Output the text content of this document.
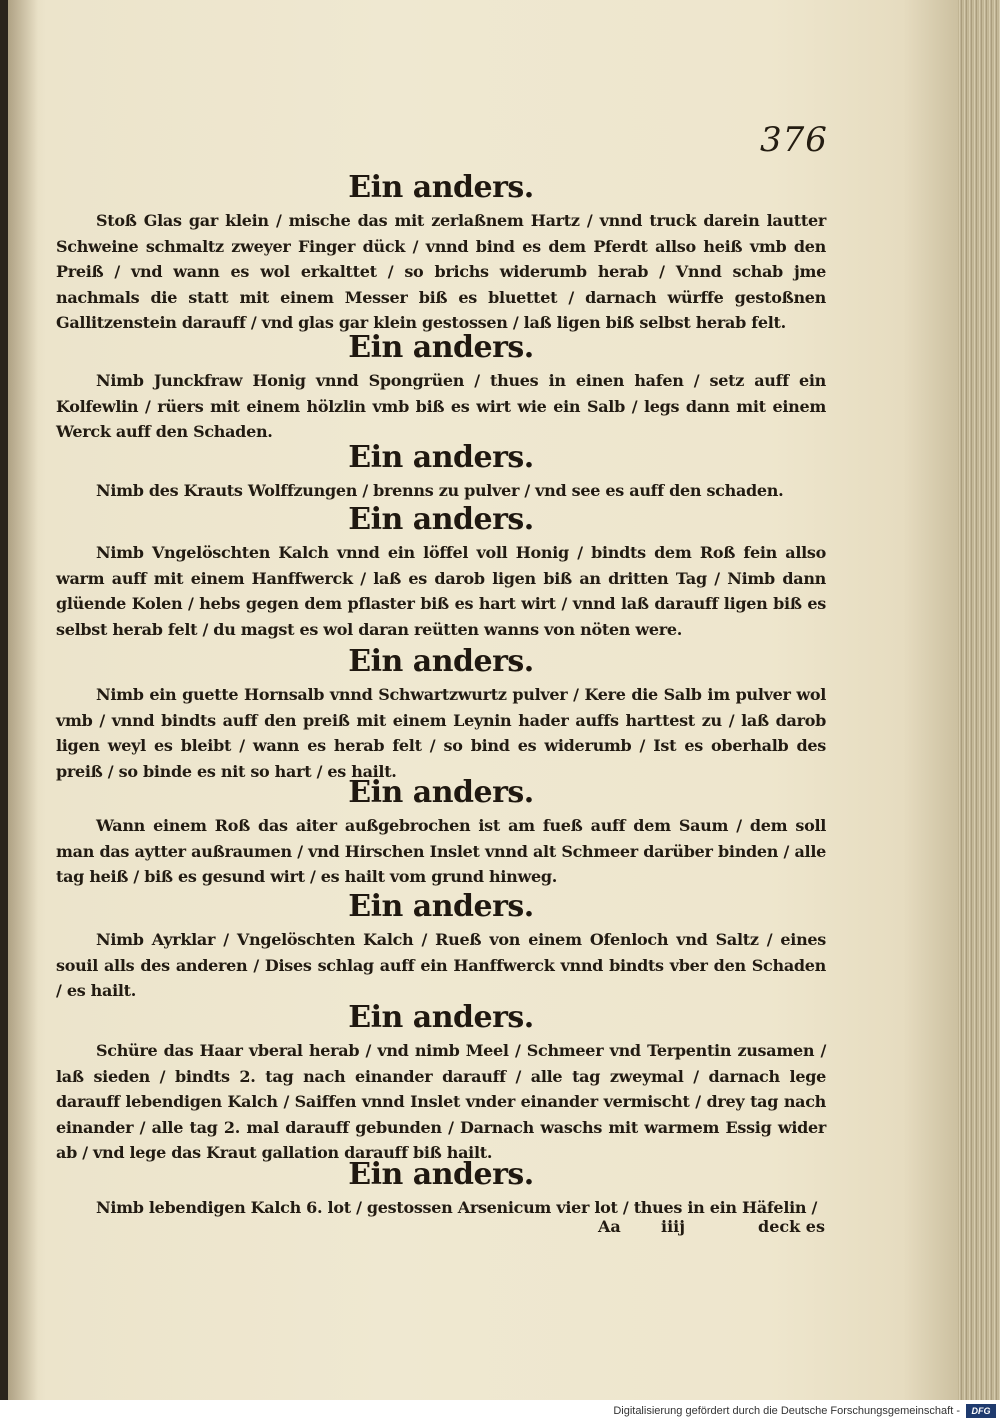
376
Ein anders.

Stoß Glas gar klein / mische das mit zerlaßnem Hartz / vnnd truck darein lautter Schweine schmaltz zweyer Finger dück / vnnd bind es dem Pferdt allso heiß vmb den Preiß / vnd wann es wol erkalttet / so brichs widerumb herab / Vnnd schab jme nachmals die statt mit einem Messer biß es bluettet / darnach würffe gestoßnen Gallitzenstein darauff / vnd glas gar klein gestossen / laß ligen biß selbst herab felt.

Ein anders.

Nimb Junckfraw Honig vnnd Spongrüen / thues in einen hafen / setz auff ein Kolfewlin / rüers mit einem hölzlin vmb biß es wirt wie ein Salb / legs dann mit einem Werck auff den Schaden.

Ein anders.

Nimb des Krauts Wolffzungen / brenns zu pulver / vnd see es auff den schaden.

Ein anders.

Nimb Vngelöschten Kalch vnnd ein löffel voll Honig / bindts dem Roß fein allso warm auff mit einem Hanffwerck / laß es darob ligen biß an dritten Tag / Nimb dann glüende Kolen / hebs gegen dem pflaster biß es hart wirt / vnnd laß darauff ligen biß es selbst herab felt / du magst es wol daran reütten wanns von nöten were.

Ein anders.

Nimb ein guette Hornsalb vnnd Schwartzwurtz pulver / Kere die Salb im pulver wol vmb / vnnd bindts auff den preiß mit einem Leynin hader auffs harttest zu / laß darob ligen weyl es bleibt / wann es herab felt / so bind es widerumb / Ist es oberhalb des preiß / so binde es nit so hart / es hailt.

Ein anders.

Wann einem Roß das aiter außgebrochen ist am fueß auff dem Saum / dem soll man das aytter außraumen / vnd Hirschen Inslet vnnd alt Schmeer darüber binden / alle tag heiß / biß es gesund wirt / es hailt vom grund hinweg.

Ein anders.

Nimb Ayrklar / Vngelöschten Kalch / Rueß von einem Ofenloch vnd Saltz / eines souil alls des anderen / Dises schlag auff ein Hanffwerck vnnd bindts vber den Schaden / es hailt.

Ein anders.

Schüre das Haar vberal herab / vnd nimb Meel / Schmeer vnd Terpentin zusamen / laß sieden / bindts 2. tag nach einander darauff / alle tag zweymal / darnach lege darauff lebendigen Kalch / Saiffen vnnd Inslet vnder einander vermischt / drey tag nach einander / alle tag 2. mal darauff gebunden / Darnach waschs mit warmem Essig wider ab / vnd lege das Kraut gallation darauff biß hailt.

Ein anders.

Nimb lebendigen Kalch 6. lot / gestossen Arsenicum vier lot / thues in ein Häfelin /

Aa	iiij	deck es
Digitalisierung gefördert durch die Deutsche Forschungsgemeinschaft -	DFG
